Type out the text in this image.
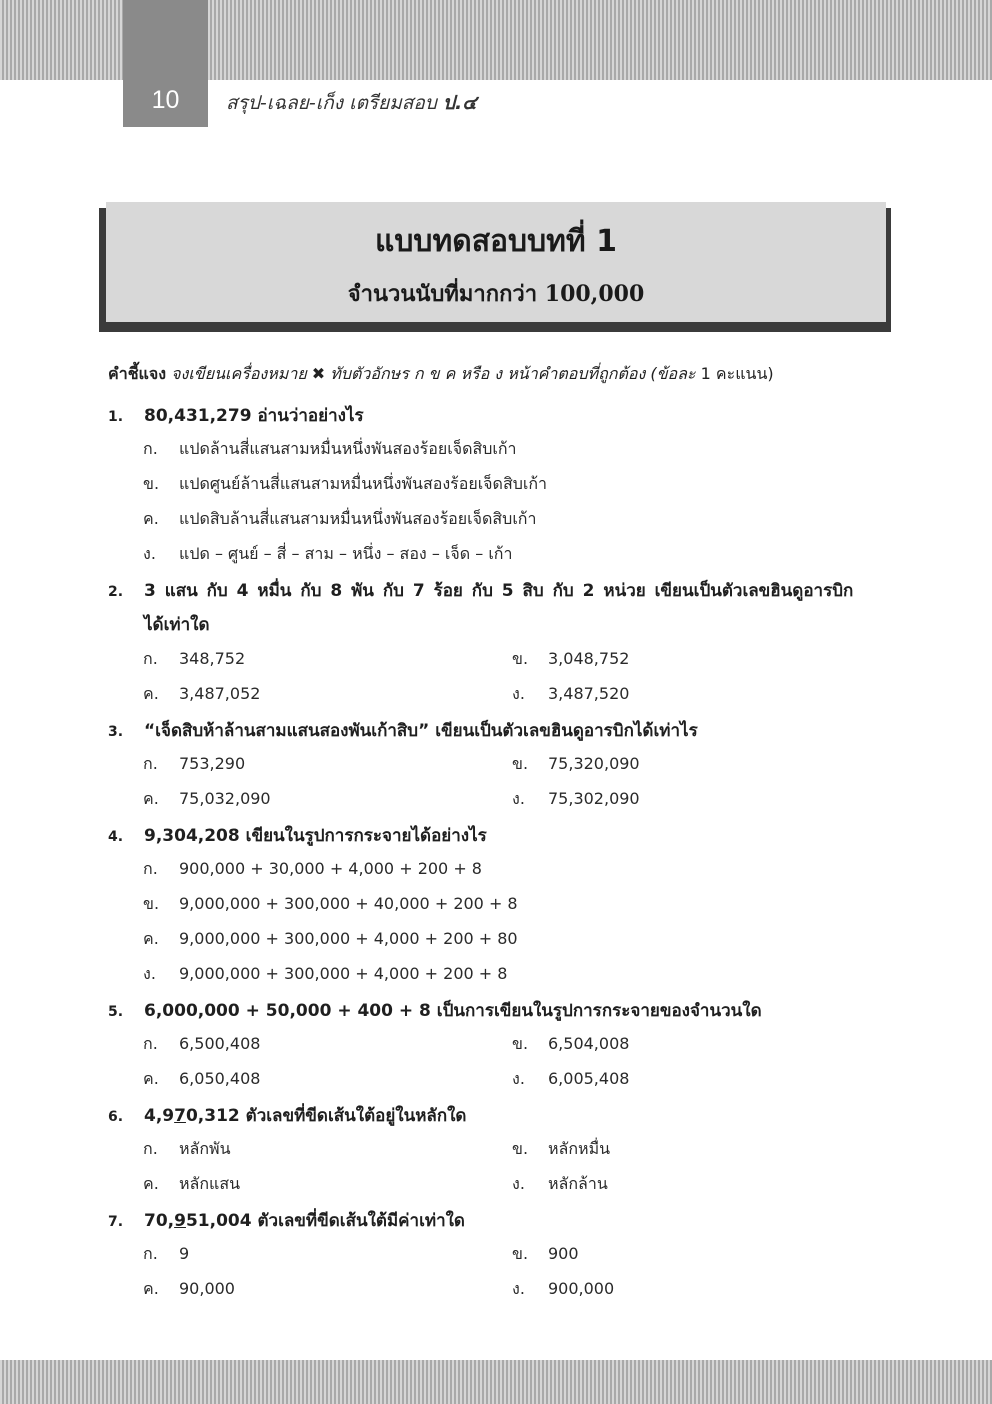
10	สรุป-เฉลย-เก็ง เตรียมสอบ ป.๔
แบบทดสอบบทที่ 1
จำนวนนับที่มากกว่า 100,000
คำชี้แจง จงเขียนเครื่องหมาย ✖ ทับตัวอักษร ก ข ค หรือ ง หน้าคำตอบที่ถูกต้อง (ข้อละ 1 คะแนน)
1. 80,431,279 อ่านว่าอย่างไร
ก. แปดล้านสี่แสนสามหมื่นหนึ่งพันสองร้อยเจ็ดสิบเก้า
ข. แปดศูนย์ล้านสี่แสนสามหมื่นหนึ่งพันสองร้อยเจ็ดสิบเก้า
ค. แปดสิบล้านสี่แสนสามหมื่นหนึ่งพันสองร้อยเจ็ดสิบเก้า
ง. แปด – ศูนย์ – สี่ – สาม – หนึ่ง – สอง – เจ็ด – เก้า
2. 3 แสน กับ 4 หมื่น กับ 8 พัน กับ 7 ร้อย กับ 5 สิบ กับ 2 หน่วย เขียนเป็นตัวเลขฮินดูอารบิก
ได้เท่าใด
ก. 348,752	ข. 3,048,752
ค. 3,487,052	ง. 3,487,520
3. “เจ็ดสิบห้าล้านสามแสนสองพันเก้าสิบ” เขียนเป็นตัวเลขฮินดูอารบิกได้เท่าไร
ก. 753,290	ข. 75,320,090
ค. 75,032,090	ง. 75,302,090
4. 9,304,208 เขียนในรูปการกระจายได้อย่างไร
ก. 900,000 + 30,000 + 4,000 + 200 + 8
ข. 9,000,000 + 300,000 + 40,000 + 200 + 8
ค. 9,000,000 + 300,000 + 4,000 + 200 + 80
ง. 9,000,000 + 300,000 + 4,000 + 200 + 8
5. 6,000,000 + 50,000 + 400 + 8 เป็นการเขียนในรูปการกระจายของจำนวนใด
ก. 6,500,408	ข. 6,504,008
ค. 6,050,408	ง. 6,005,408
6. 4,970,312 ตัวเลขที่ขีดเส้นใต้อยู่ในหลักใด
ก. หลักพัน	ข. หลักหมื่น
ค. หลักแสน	ง. หลักล้าน
7. 70,951,004 ตัวเลขที่ขีดเส้นใต้มีค่าเท่าใด
ก. 9	ข. 900
ค. 90,000	ง. 900,000
